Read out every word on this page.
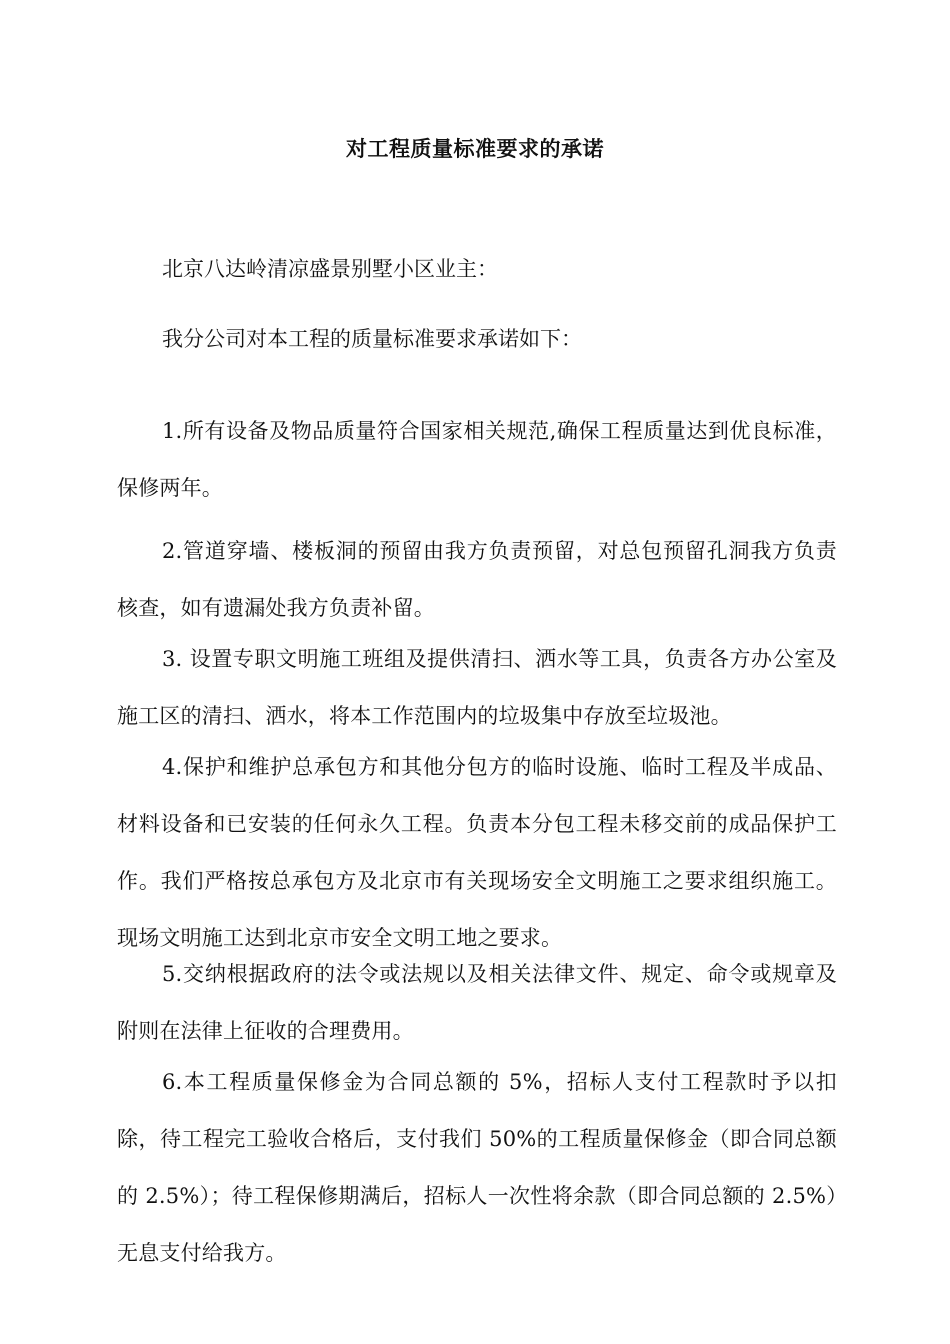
对工程质量标准要求的承诺
北京八达岭清凉盛景别墅小区业主：
我分公司对本工程的质量标准要求承诺如下：

1.所有设备及物品质量符合国家相关规范,确保工程质量达到优良标准，保修两年。

2.管道穿墙、楼板洞的预留由我方负责预留，对总包预留孔洞我方负责核查，如有遗漏处我方负责补留。

3. 设置专职文明施工班组及提供清扫、洒水等工具，负责各方办公室及施工区的清扫、洒水，将本工作范围内的垃圾集中存放至垃圾池。

4.保护和维护总承包方和其他分包方的临时设施、临时工程及半成品、材料设备和已安装的任何永久工程。负责本分包工程未移交前的成品保护工作。我们严格按总承包方及北京市有关现场安全文明施工之要求组织施工。现场文明施工达到北京市安全文明工地之要求。

5.交纳根据政府的法令或法规以及相关法律文件、规定、命令或规章及附则在法律上征收的合理费用。

6.本工程质量保修金为合同总额的 5%，招标人支付工程款时予以扣除，待工程完工验收合格后，支付我们 50%的工程质量保修金（即合同总额的 2.5%）；待工程保修期满后，招标人一次性将余款（即合同总额的 2.5%）无息支付给我方。
